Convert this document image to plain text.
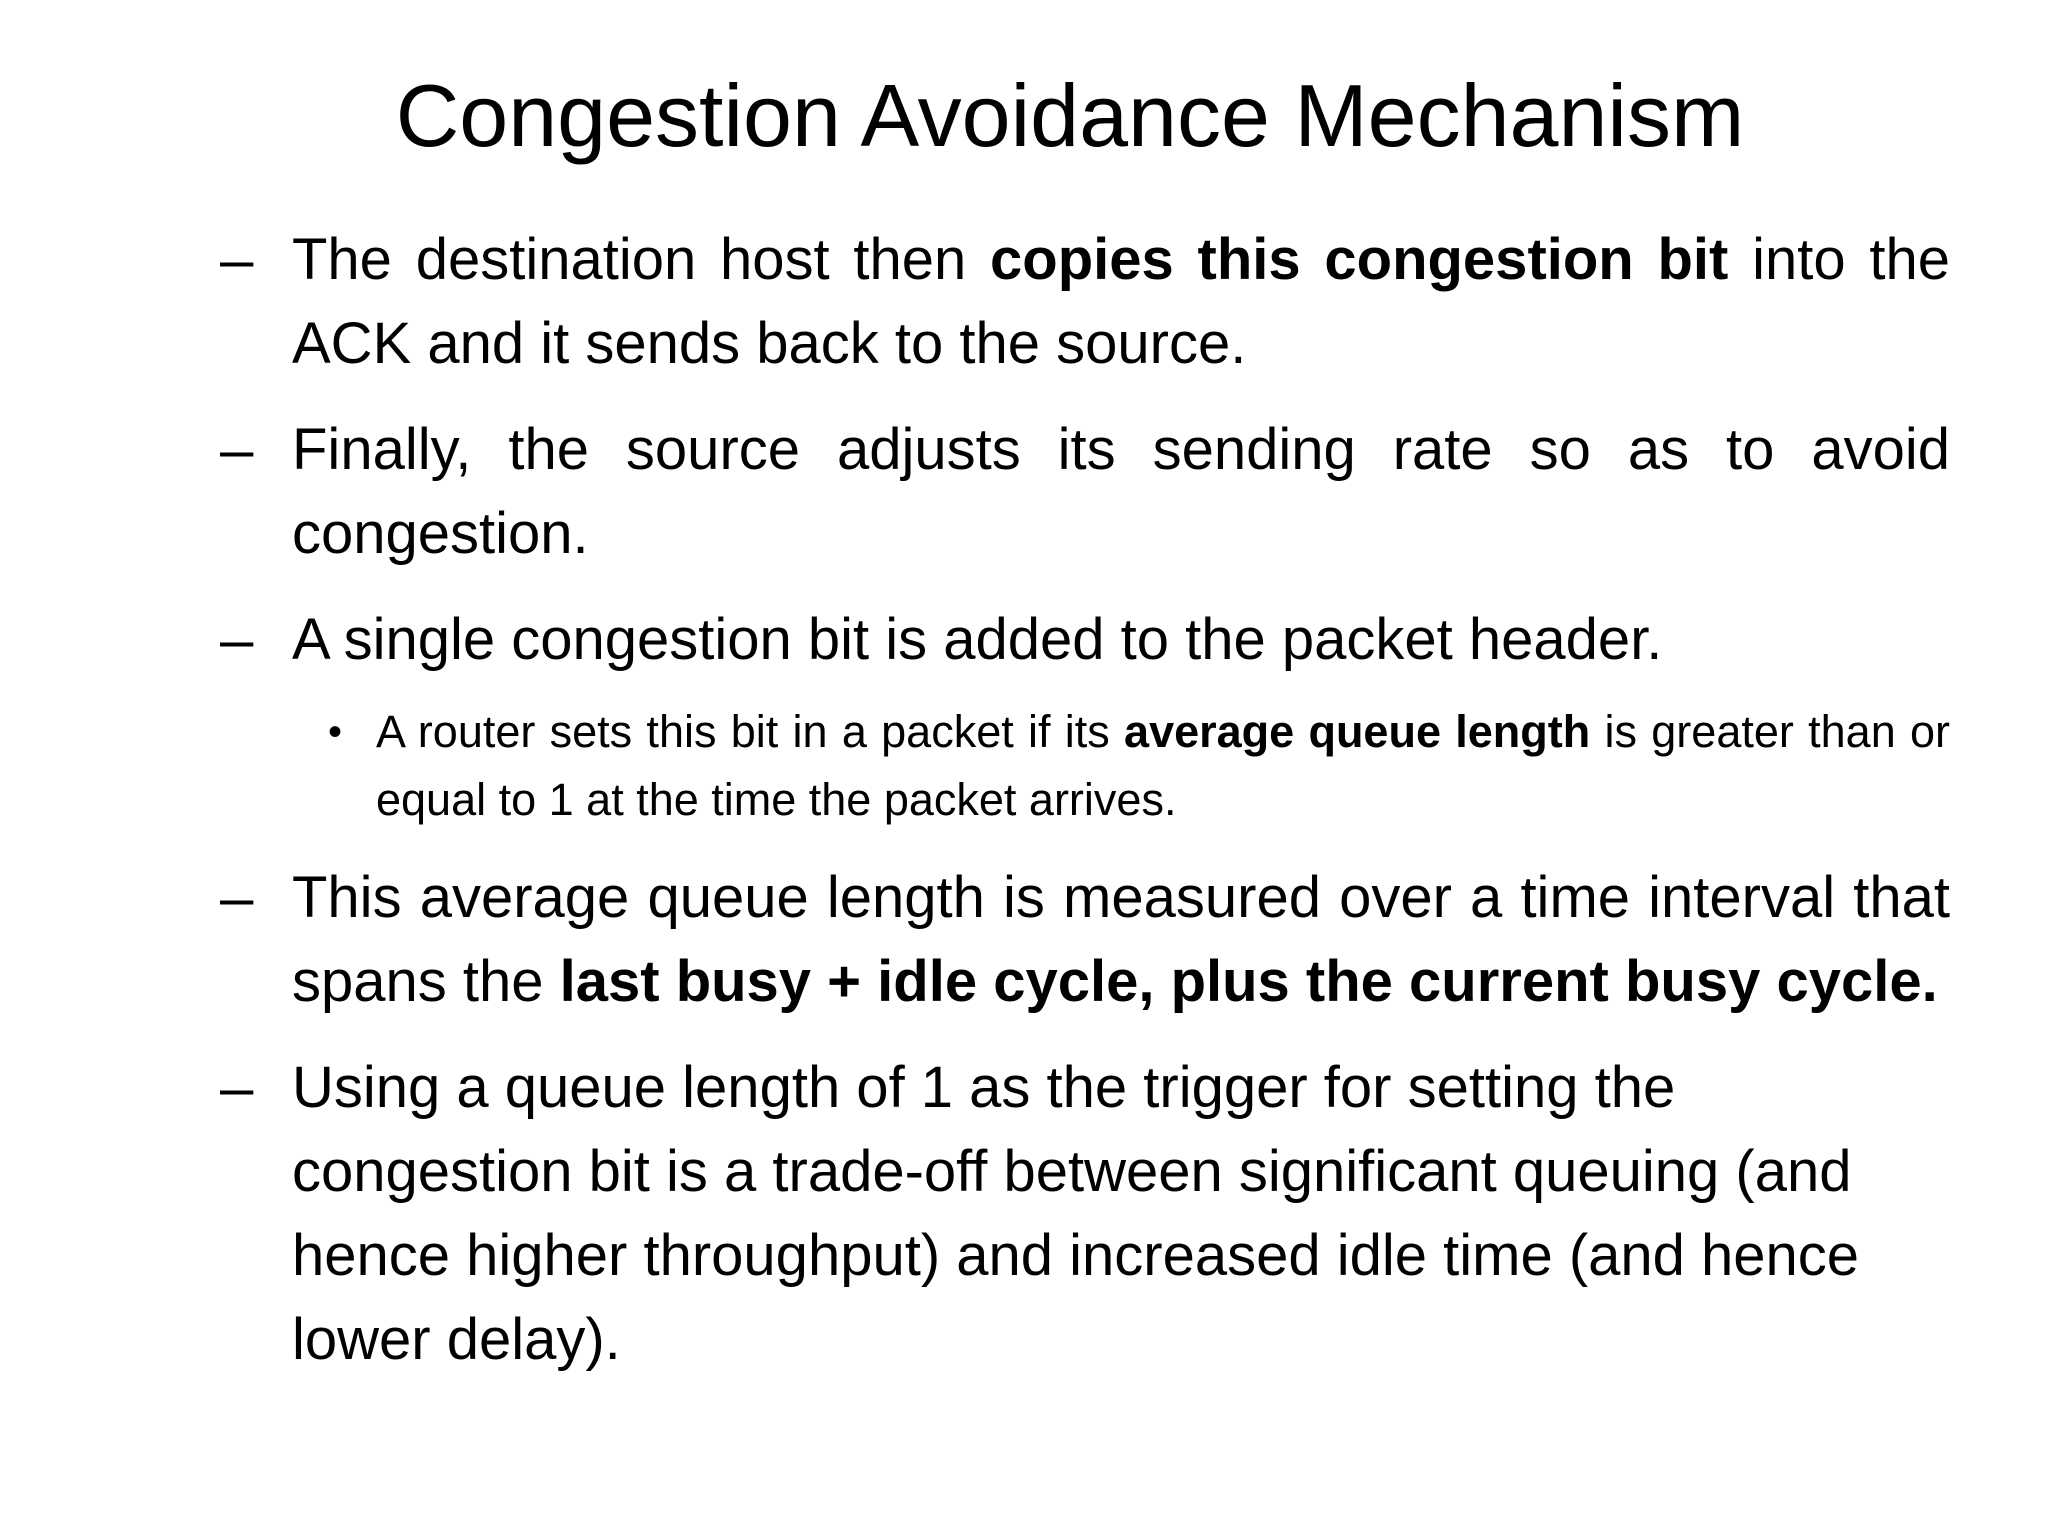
Congestion Avoidance Mechanism
– The destination host then copies this congestion bit into the ACK and it sends back to the source.
– Finally, the source adjusts its sending rate so as to avoid congestion.
– A single congestion bit is added to the packet header.
• A router sets this bit in a packet if its average queue length is greater than or equal to 1 at the time the packet arrives.
– This average queue length is measured over a time interval that spans the last busy + idle cycle, plus the current busy cycle.
– Using a queue length of 1 as the trigger for setting the congestion bit is a trade-off between significant queuing (and hence higher throughput) and increased idle time (and hence lower delay).
